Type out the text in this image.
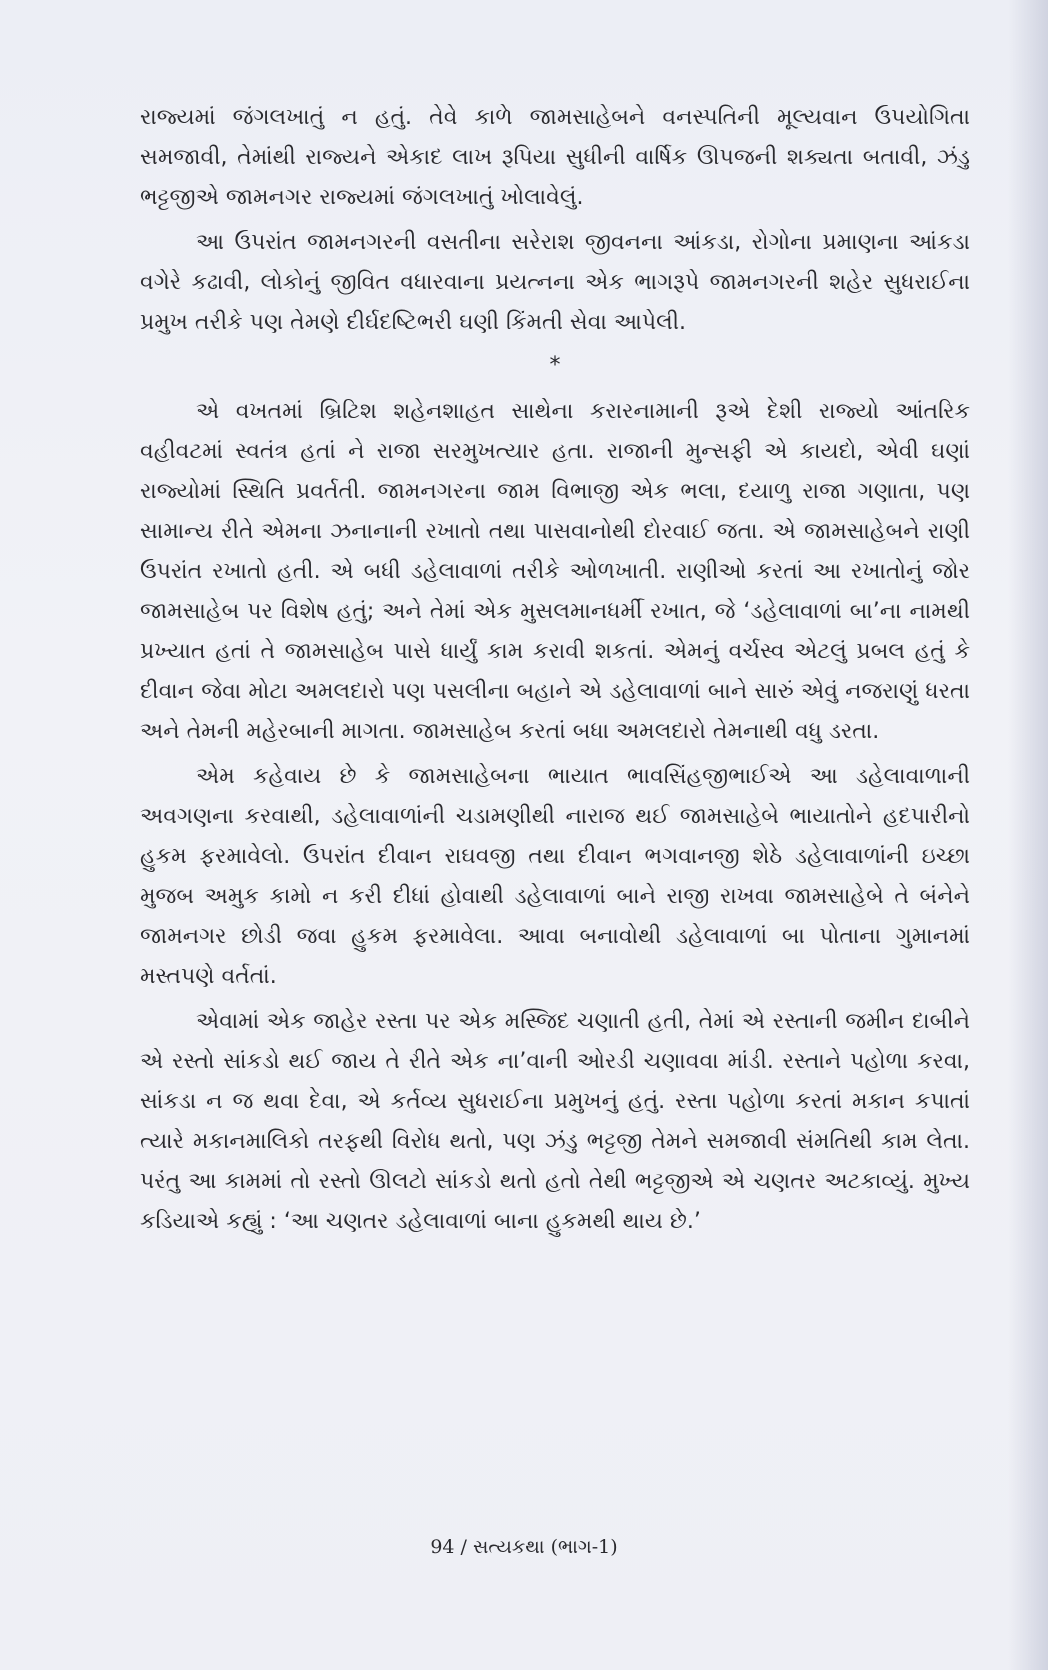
રાજ્યમાં જંગલખાતું ન હતું. તેવે કાળે જામસાહેબને વનસ્પતિની મૂલ્યવાન ઉપયોગિતા સમજાવી, તેમાંથી રાજ્યને એકાદ લાખ રૂપિયા સુધીની વાર્ષિક ઊપજની શક્યતા બતાવી, ઝંડુ ભટ્ટજીએ જામનગર રાજ્યમાં જંગલખાતું ખોલાવેલું.

આ ઉપરાંત જામનગરની વસતીના સરેરાશ જીવનના આંકડા, રોગોના પ્રમાણના આંકડા વગેરે કઢાવી, લોકોનું જીવિત વધારવાના પ્રયત્નના એક ભાગરૂપે જામનગરની શહેર સુધરાઈના પ્રમુખ તરીકે પણ તેમણે દીર્ઘદષ્ટિભરી ઘણી કિંમતી સેવા આપેલી.

*

એ વખતમાં બ્રિટિશ શહેનશાહત સાથેના કરારનામાની રૂએ દેશી રાજ્યો આંતરિક વહીવટમાં સ્વતંત્ર હતાં ને રાજા સરમુખત્યાર હતા. રાજાની મુન્સફી એ કાયદો, એવી ઘણાં રાજ્યોમાં સ્થિતિ પ્રવર્તતી. જામનગરના જામ વિભાજી એક ભલા, દયાળુ રાજા ગણાતા, પણ સામાન્ય રીતે એમના ઝનાનાની રખાતો તથા પાસવાનોથી દોરવાઈ જતા. એ જામસાહેબને રાણી ઉપરાંત રખાતો હતી. એ બધી ડહેલાવાળાં તરીકે ઓળખાતી. રાણીઓ કરતાં આ રખાતોનું જોર જામસાહેબ પર વિશેષ હતું; અને તેમાં એક મુસલમાનધર્મી રખાત, જે ‘ડહેલાવાળાં બા’ના નામથી પ્રખ્યાત હતાં તે જામસાહેબ પાસે ધાર્યું કામ કરાવી શકતાં. એમનું વર્ચસ્વ એટલું પ્રબલ હતું કે દીવાન જેવા મોટા અમલદારો પણ પસલીના બહાને એ ડહેલાવાળાં બાને સારું એવું નજરાણું ધરતા અને તેમની મહેરબાની માગતા. જામસાહેબ કરતાં બધા અમલદારો તેમનાથી વધુ ડરતા.

એમ કહેવાય છે કે જામસાહેબના ભાયાત ભાવસિંહજીભાઈએ આ ડહેલાવાળાની અવગણના કરવાથી, ડહેલાવાળાંની ચડામણીથી નારાજ થઈ જામસાહેબે ભાયાતોને હદપારીનો હુકમ ફરમાવેલો. ઉપરાંત દીવાન રાઘવજી તથા દીવાન ભગવાનજી શેઠે ડહેલાવાળાંની ઇચ્છા મુજબ અમુક કામો ન કરી દીધાં હોવાથી ડહેલાવાળાં બાને રાજી રાખવા જામસાહેબે તે બંનેને જામનગર છોડી જવા હુકમ ફરમાવેલા. આવા બનાવોથી ડહેલાવાળાં બા પોતાના ગુમાનમાં મસ્તપણે વર્તતાં.

એવામાં એક જાહેર રસ્તા પર એક મસ્જિદ ચણાતી હતી, તેમાં એ રસ્તાની જમીન દાબીને એ રસ્તો સાંકડો થઈ જાય તે રીતે એક ના’વાની ઓરડી ચણાવવા માંડી. રસ્તાને પહોળા કરવા, સાંકડા ન જ થવા દેવા, એ કર્તવ્ય સુધરાઈના પ્રમુખનું હતું. રસ્તા પહોળા કરતાં મકાન કપાતાં ત્યારે મકાનમાલિકો તરફથી વિરોધ થતો, પણ ઝંડુ ભટ્ટજી તેમને સમજાવી સંમતિથી કામ લેતા. પરંતુ આ કામમાં તો રસ્તો ઊલટો સાંકડો થતો હતો તેથી ભટ્ટજીએ એ ચણતર અટકાવ્યું. મુખ્ય કડિયાએ કહ્યું : ‘આ ચણતર ડહેલાવાળાં બાના હુકમથી થાય છે.’

94 / સત્યકથા (ભાગ-1)
